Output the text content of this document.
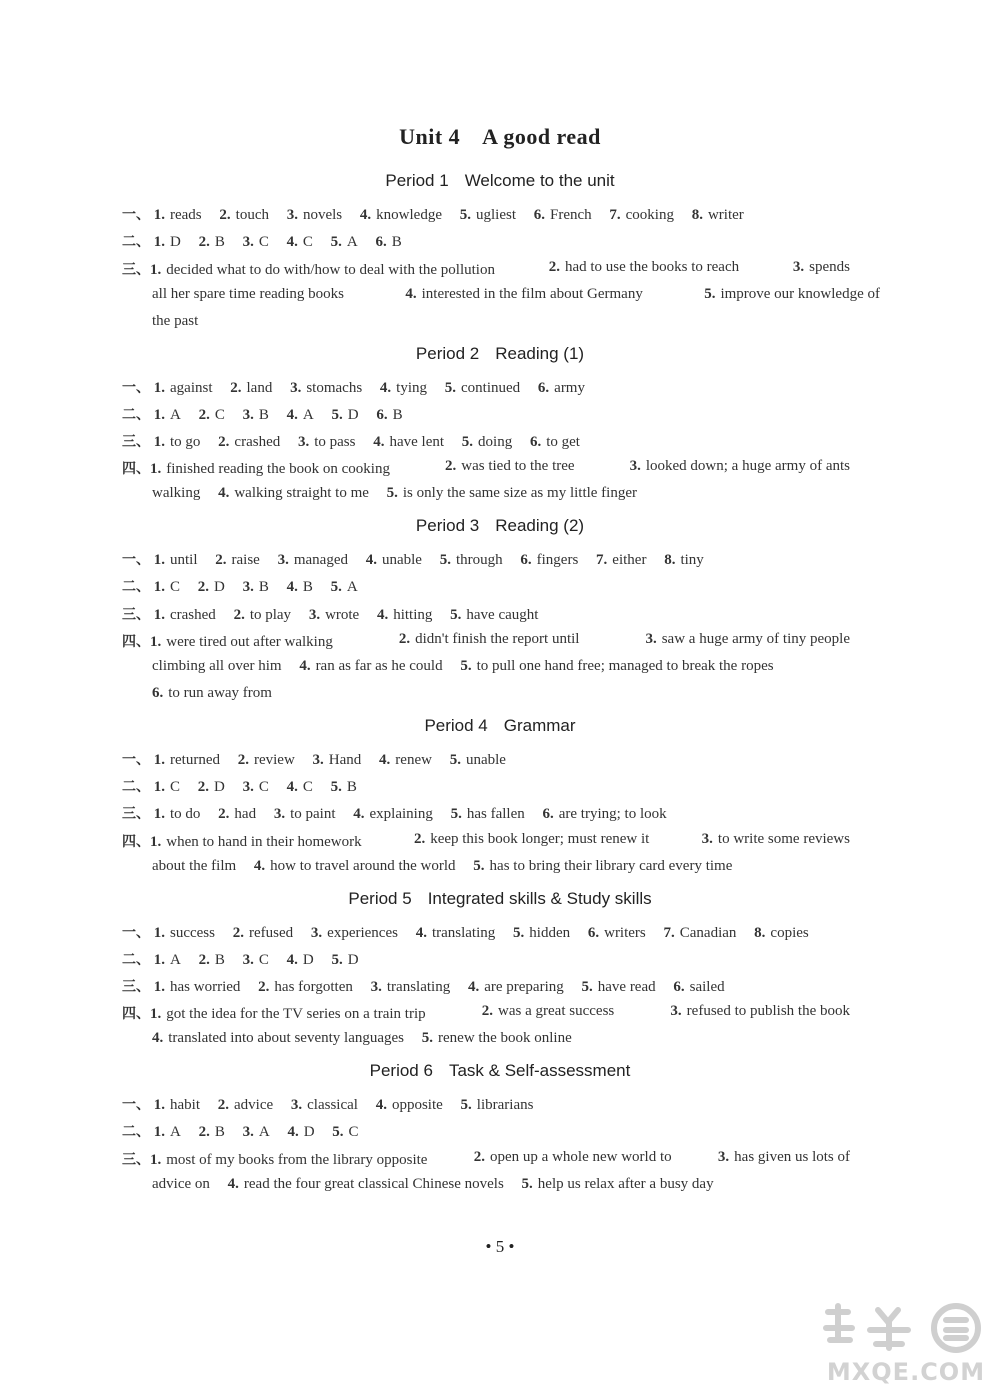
Unit 4 A good read
Period 1 Welcome to the unit
一、 1. reads 2. touch 3. novels 4. knowledge 5. ugliest 6. French 7. cooking 8. writer
二、 1. D 2. B 3. C 4. C 5. A 6. B
三、1. decided what to do with/how to deal with the pollution	2. had to use the books to reach	3. spends
all her spare time reading books	4. interested in the film about Germany	5. improve our knowledge of
the past
Period 2 Reading (1)
一、 1. against 2. land 3. stomachs 4. tying 5. continued 6. army
二、 1. A 2. C 3. B 4. A 5. D 6. B
三、 1. to go 2. crashed 3. to pass 4. have lent 5. doing 6. to get
四、1. finished reading the book on cooking	2. was tied to the tree	3. looked down; a huge army of ants
walking 4. walking straight to me 5. is only the same size as my little finger
Period 3 Reading (2)
一、 1. until 2. raise 3. managed 4. unable 5. through 6. fingers 7. either 8. tiny
二、 1. C 2. D 3. B 4. B 5. A
三、 1. crashed 2. to play 3. wrote 4. hitting 5. have caught
四、1. were tired out after walking	2. didn't finish the report until	3. saw a huge army of tiny people
climbing all over him 4. ran as far as he could 5. to pull one hand free; managed to break the ropes
6. to run away from
Period 4 Grammar
一、 1. returned 2. review 3. Hand 4. renew 5. unable
二、 1. C 2. D 3. C 4. C 5. B
三、 1. to do 2. had 3. to paint 4. explaining 5. has fallen 6. are trying; to look
四、1. when to hand in their homework	2. keep this book longer; must renew it	3. to write some reviews
about the film 4. how to travel around the world 5. has to bring their library card every time
Period 5 Integrated skills & Study skills
一、 1. success 2. refused 3. experiences 4. translating 5. hidden 6. writers 7. Canadian 8. copies
二、 1. A 2. B 3. C 4. D 5. D
三、 1. has worried 2. has forgotten 3. translating 4. are preparing 5. have read 6. sailed
四、1. got the idea for the TV series on a train trip	2. was a great success	3. refused to publish the book
4. translated into about seventy languages 5. renew the book online
Period 6 Task & Self-assessment
一、 1. habit 2. advice 3. classical 4. opposite 5. librarians
二、 1. A 2. B 3. A 4. D 5. C
三、1. most of my books from the library opposite	2. open up a whole new world to	3. has given us lots of
advice on 4. read the four great classical Chinese novels 5. help us relax after a busy day
• 5 •
MXQE.COM
